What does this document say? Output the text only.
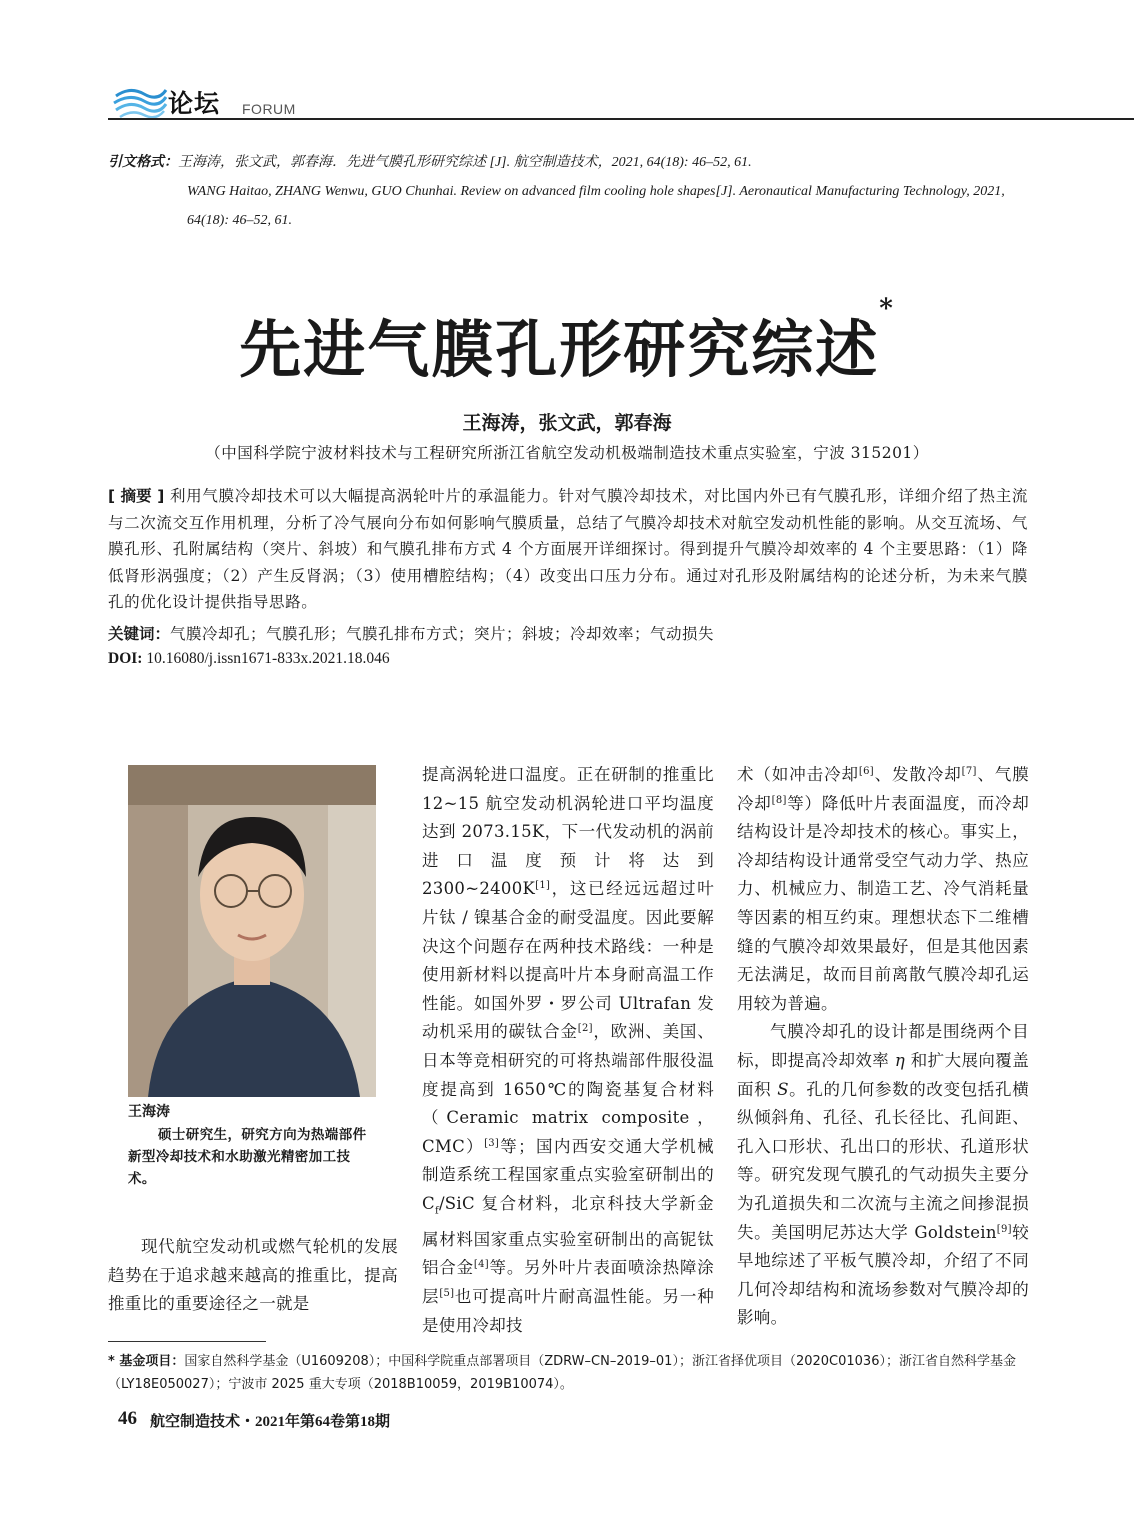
论坛 FORUM
引文格式：王海涛，张文武，郭春海．先进气膜孔形研究综述 [J]. 航空制造技术，2021, 64(18): 46–52, 61.
WANG Haitao, ZHANG Wenwu, GUO Chunhai. Review on advanced film cooling hole shapes[J]. Aeronautical Manufacturing Technology, 2021, 64(18): 46–52, 61.
先进气膜孔形研究综述*
王海涛，张文武，郭春海
（中国科学院宁波材料技术与工程研究所浙江省航空发动机极端制造技术重点实验室，宁波 315201）
[ 摘要 ] 利用气膜冷却技术可以大幅提高涡轮叶片的承温能力。针对气膜冷却技术，对比国内外已有气膜孔形，详细介绍了热主流与二次流交互作用机理，分析了冷气展向分布如何影响气膜质量，总结了气膜冷却技术对航空发动机性能的影响。从交互流场、气膜孔形、孔附属结构（突片、斜坡）和气膜孔排布方式 4 个方面展开详细探讨。得到提升气膜冷却效率的 4 个主要思路：（1）降低肾形涡强度；（2）产生反肾涡；（3）使用槽腔结构；（4）改变出口压力分布。通过对孔形及附属结构的论述分析，为未来气膜孔的优化设计提供指导思路。
关键词：气膜冷却孔；气膜孔形；气膜孔排布方式；突片；斜坡；冷却效率；气动损失
DOI: 10.16080/j.issn1671-833x.2021.18.046
王海涛
硕士研究生，研究方向为热端部件新型冷却技术和水助激光精密加工技术。

现代航空发动机或燃气轮机的发展趋势在于追求越来越高的推重比，提高推重比的重要途径之一就是

提高涡轮进口温度。正在研制的推重比 12~15 航空发动机涡轮进口平均温度达到 2073.15K，下一代发动机的涡前进口温度预计将达到 2300~2400K[1]，这已经远远超过叶片钛 / 镍基合金的耐受温度。因此要解决这个问题存在两种技术路线：一种是使用新材料以提高叶片本身耐高温工作性能。如国外罗・罗公司 Ultrafan 发动机采用的碳钛合金[2]，欧洲、美国、日本等竞相研究的可将热端部件服役温度提高到 1650℃的陶瓷基复合材料（Ceramic matrix composite，CMC）[3]等；国内西安交通大学机械制造系统工程国家重点实验室研制出的 $C_f$/SiC 复合材料，北京科技大学新金属材料国家重点实验室研制出的高铌钛铝合金[4]等。另外叶片表面喷涂热障涂层[5]也可提高叶片耐高温性能。另一种是使用冷却技

术（如冲击冷却[6]、发散冷却[7]、气膜冷却[8]等）降低叶片表面温度，而冷却结构设计是冷却技术的核心。事实上，冷却结构设计通常受空气动力学、热应力、机械应力、制造工艺、冷气消耗量等因素的相互约束。理想状态下二维槽缝的气膜冷却效果最好，但是其他因素无法满足，故而目前离散气膜冷却孔运用较为普遍。

气膜冷却孔的设计都是围绕两个目标，即提高冷却效率 η 和扩大展向覆盖面积 S。孔的几何参数的改变包括孔横纵倾斜角、孔径、孔长径比、孔间距、孔入口形状、孔出口的形状、孔道形状等。研究发现气膜孔的气动损失主要分为孔道损失和二次流与主流之间掺混损失。美国明尼苏达大学 Goldstein[9]较早地综述了平板气膜冷却，介绍了不同几何冷却结构和流场参数对气膜冷却的影响。

* 基金项目：国家自然科学基金（U1609208）；中国科学院重点部署项目（ZDRW–CN–2019–01）；浙江省择优项目（2020C01036）；浙江省自然科学基金（LY18E050027）；宁波市 2025 重大专项（2018B10059，2019B10074）。
46 航空制造技术・2021年第64卷第18期
